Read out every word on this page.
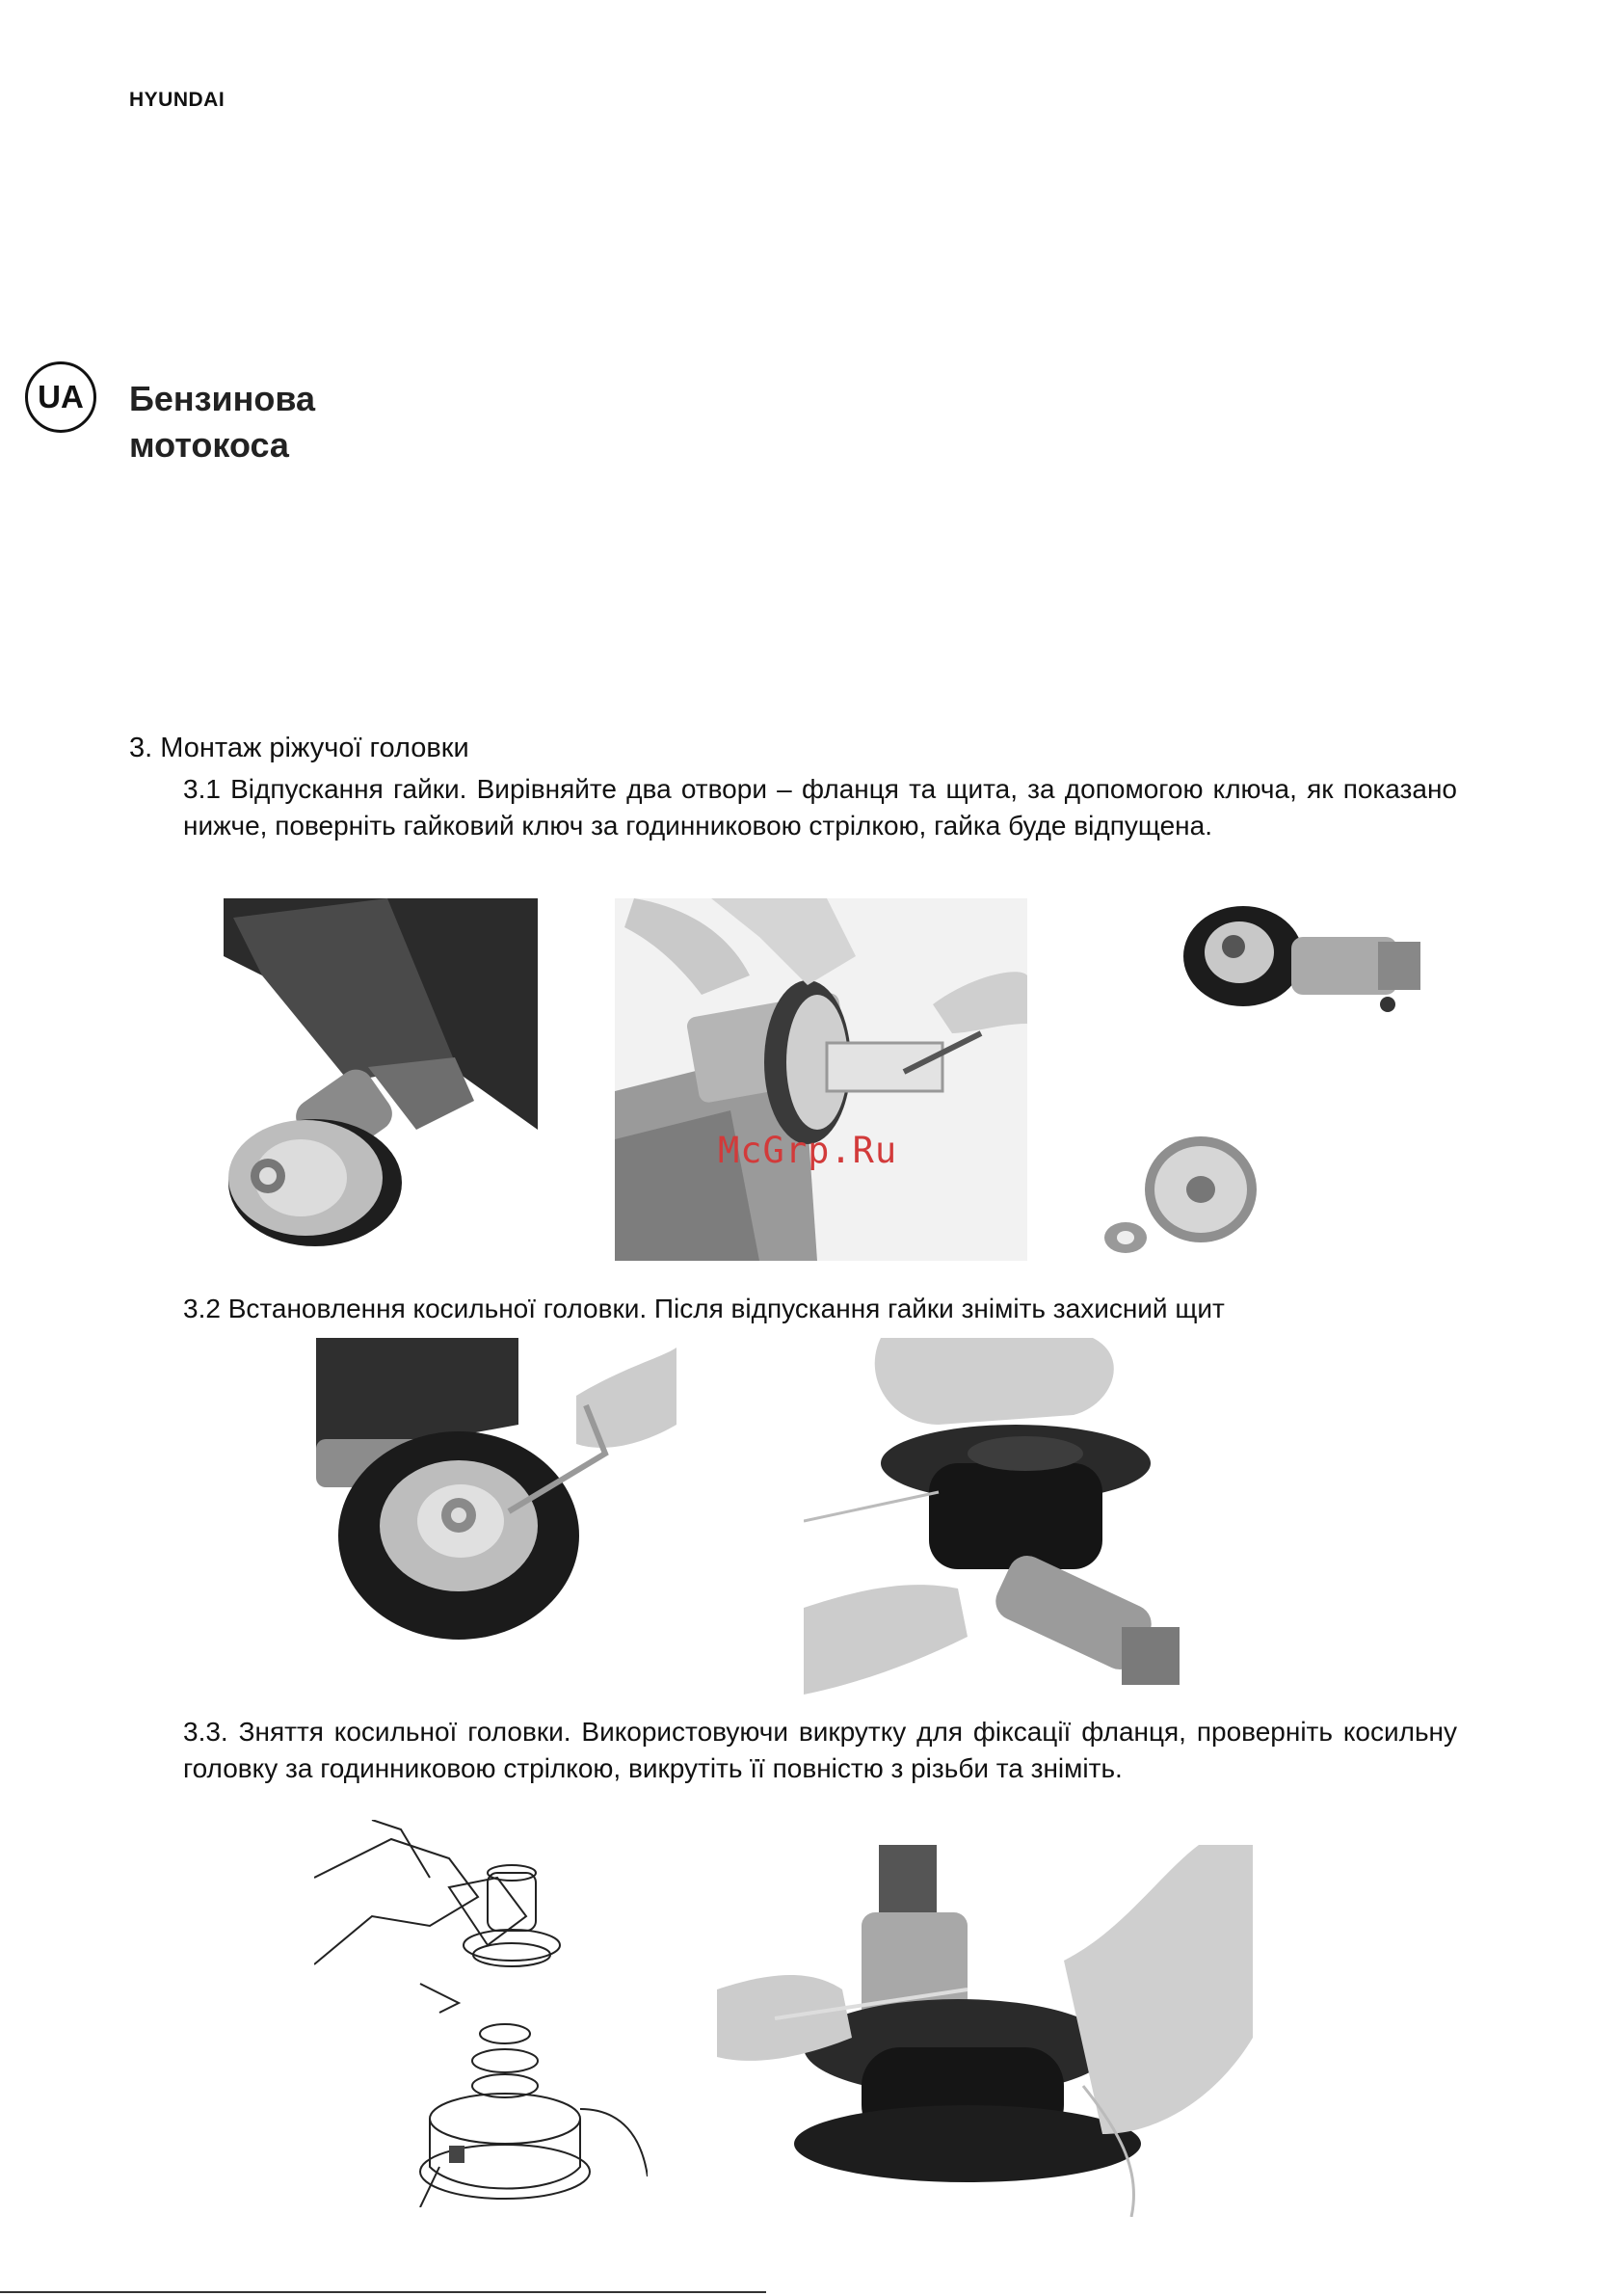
HYUNDAI
UA Бензинова
мотокоса
3. Монтаж ріжучої головки
3.1 Відпускання гайки. Вирівняйте два отвори – фланця та щита, за допомогою ключа, як показано нижче, поверніть гайковий ключ за годинниковою стрілкою, гайка буде відпущена.
McGrp.Ru
3.2 Встановлення косильної головки. Після відпускання гайки зніміть захисний щит
3.3. Зняття косильної головки. Використовуючи викрутку для фіксації фланця, проверніть косильну головку за годинниковою стрілкою, викрутіть її повністю з різьби та зніміть.
